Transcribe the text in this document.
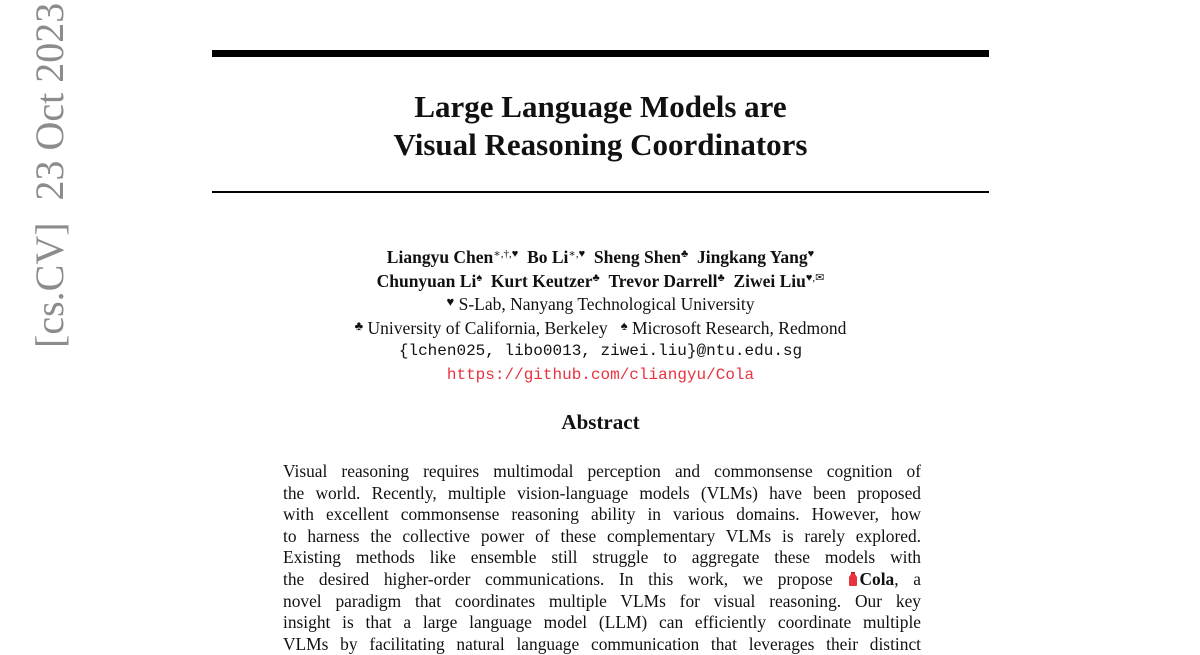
[cs.CV]23 Oct 2023	Large Language Models are
Visual Reasoning Coordinators
Liangyu Chen∗,†,♥ Bo Li∗,♥ Sheng Shen♣ Jingkang Yang♥
Chunyuan Li♠ Kurt Keutzer♣ Trevor Darrell♣ Ziwei Liu♥,✉
♥ S-Lab, Nanyang Technological University
♣ University of California, Berkeley ♠ Microsoft Research, Redmond
{lchen025, libo0013, ziwei.liu}@ntu.edu.sg
https://github.com/cliangyu/Cola
Abstract
Visual reasoning requires multimodal perception and commonsense cognition of
the world. Recently, multiple vision-language models (VLMs) have been proposed
with excellent commonsense reasoning ability in various domains. However, how
to harness the collective power of these complementary VLMs is rarely explored.
Existing methods like ensemble still struggle to aggregate these models with
the desired higher-order communications. In this work, we propose Cola, a
novel paradigm that coordinates multiple VLMs for visual reasoning. Our key
insight is that a large language model (LLM) can efficiently coordinate multiple
VLMs by facilitating natural language communication that leverages their distinct
